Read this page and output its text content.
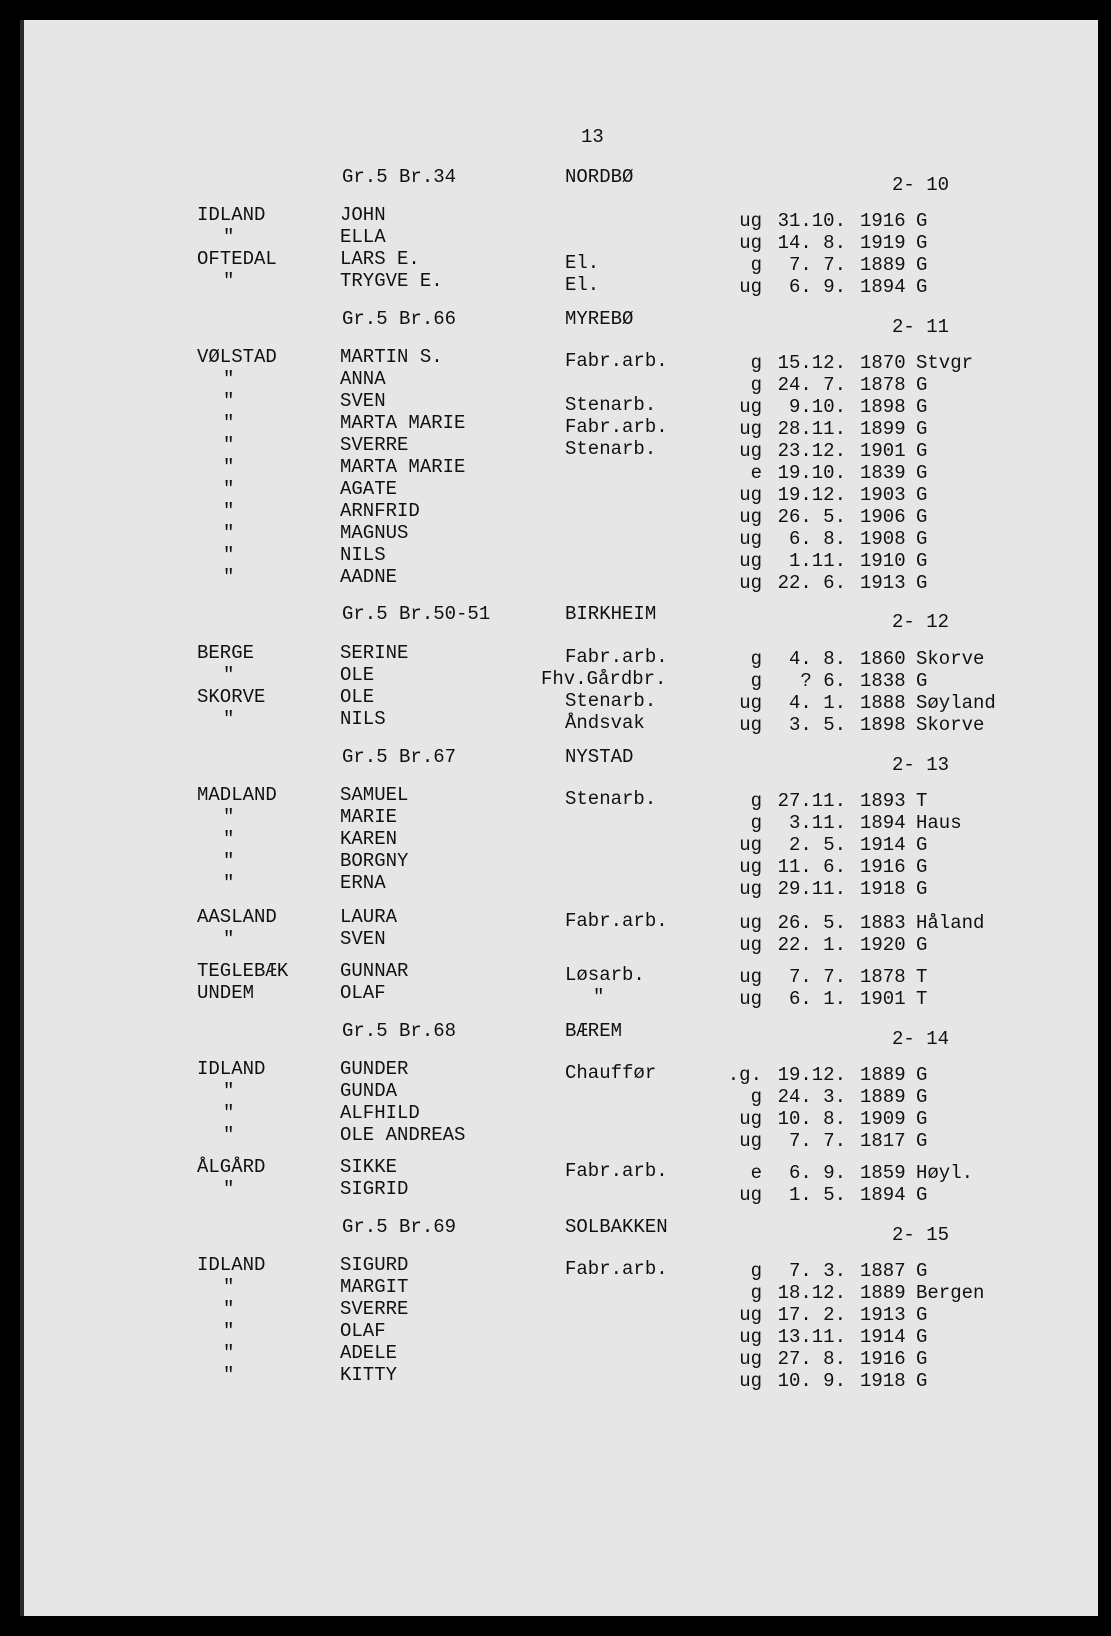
13
Gr.5 Br.34	NORDBØ	2- 10
IDLAND	JOHN	ug 31.10. 1916 G
"	ELLA	ug 14. 8. 1919 G
OFTEDAL	LARS E.	El.	g	7. 7. 1889 G
"	TRYGVE E.	El.	ug	6. 9. 1894 G
Gr.5 Br.66	MYREBØ	2- 11
VØLSTAD	MARTIN S.	Fabr.arb.	g 15.12. 1870 Stvgr
"	ANNA	g 24. 7. 1878 G
"	SVEN	Stenarb.	ug	9.10. 1898 G
"	MARTA MARIE	Fabr.arb.	ug 28.11. 1899 G
"	SVERRE	Stenarb.	ug 23.12. 1901 G
"	MARTA MARIE	e 19.10. 1839 G
"	AGATE	ug 19.12. 1903 G
"	ARNFRID	ug 26. 5. 1906 G
"	MAGNUS	ug	6. 8. 1908 G
"	NILS	ug	1.11. 1910 G
"	AADNE	ug 22. 6. 1913 G
Gr.5 Br.50-51	BIRKHEIM	2- 12
BERGE	SERINE	Fabr.arb.	g	4. 8. 1860 Skorve
"	OLE	Fhv.Gårdbr.	g	? 6. 1838 G
SKORVE	OLE	Stenarb.	ug	4. 1. 1888 Søyland
"	NILS	Åndsvak	ug	3. 5. 1898 Skorve
Gr.5 Br.67	NYSTAD	2- 13
MADLAND	SAMUEL	Stenarb.	g 27.11. 1893 T
"	MARIE	g	3.11. 1894 Haus
"	KAREN	ug	2. 5. 1914 G
"	BORGNY	ug 11. 6. 1916 G
"	ERNA	ug 29.11. 1918 G
AASLAND	LAURA	Fabr.arb.	ug 26. 5. 1883 Håland
"	SVEN	ug 22. 1. 1920 G
TEGLEBÆK	GUNNAR	Løsarb.	ug	7. 7. 1878 T
UNDEM	OLAF	"	ug	6. 1. 1901 T
Gr.5 Br.68	BÆREM	2- 14
IDLAND	GUNDER	Chauffør	.g. 19.12. 1889 G
"	GUNDA	g 24. 3. 1889 G
"	ALFHILD	ug 10. 8. 1909 G
"	OLE ANDREAS	ug	7. 7. 1817 G
ÅLGÅRD	SIKKE	Fabr.arb.	e	6. 9. 1859 Høyl.
"	SIGRID	ug	1. 5. 1894 G
Gr.5 Br.69	SOLBAKKEN	2- 15
IDLAND	SIGURD	Fabr.arb.	g	7. 3. 1887 G
"	MARGIT	g 18.12. 1889 Bergen
"	SVERRE	ug 17. 2. 1913 G
"	OLAF	ug 13.11. 1914 G
"	ADELE	ug 27. 8. 1916 G
"	KITTY	ug 10. 9. 1918 G
